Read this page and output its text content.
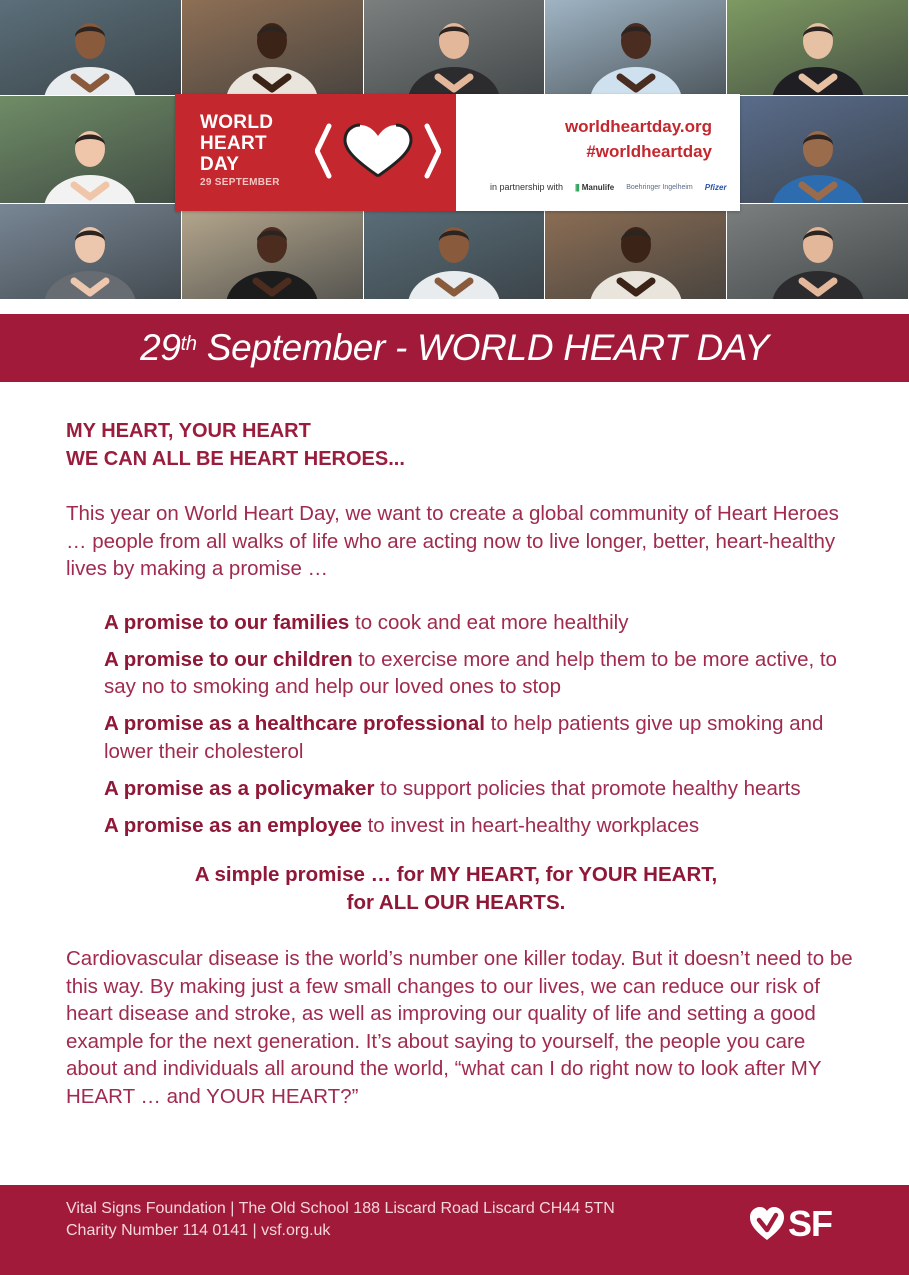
WORLD
HEART
DAY
29 SEPTEMBER
worldheartday.org
#worldheartday
in partnership with
|||	Manulife Boehringer Ingelheim Pfizer
29th September - WORLD HEART DAY
MY HEART, YOUR HEART
WE CAN ALL BE HEART HEROES...

This year on World Heart Day, we want to create a global community of Heart Heroes … people from all walks of life who are acting now to live longer, better, heart-healthy lives by making a promise …

A promise to our families to cook and eat more healthily
A promise to our children to exercise more and help them to be more active, to say no to smoking and help our loved ones to stop
A promise as a healthcare professional to help patients give up smoking and lower their cholesterol
A promise as a policymaker to support policies that promote healthy hearts
A promise as an employee to invest in heart-healthy workplaces

A simple promise … for MY HEART, for YOUR HEART,
for ALL OUR HEARTS.

Cardiovascular disease is the world’s number one killer today. But it doesn’t need to be this way. By making just a few small changes to our lives, we can reduce our risk of heart disease and stroke, as well as improving our quality of life and setting a good example for the next generation. It’s about saying to yourself, the people you care about and individuals all around the world, “what can I do right now to look after MY HEART … and YOUR HEART?”

Vital Signs Foundation | The Old School 188 Liscard Road Liscard CH44 5TN
Charity Number 114 0141 | vsf.org.uk	SF
